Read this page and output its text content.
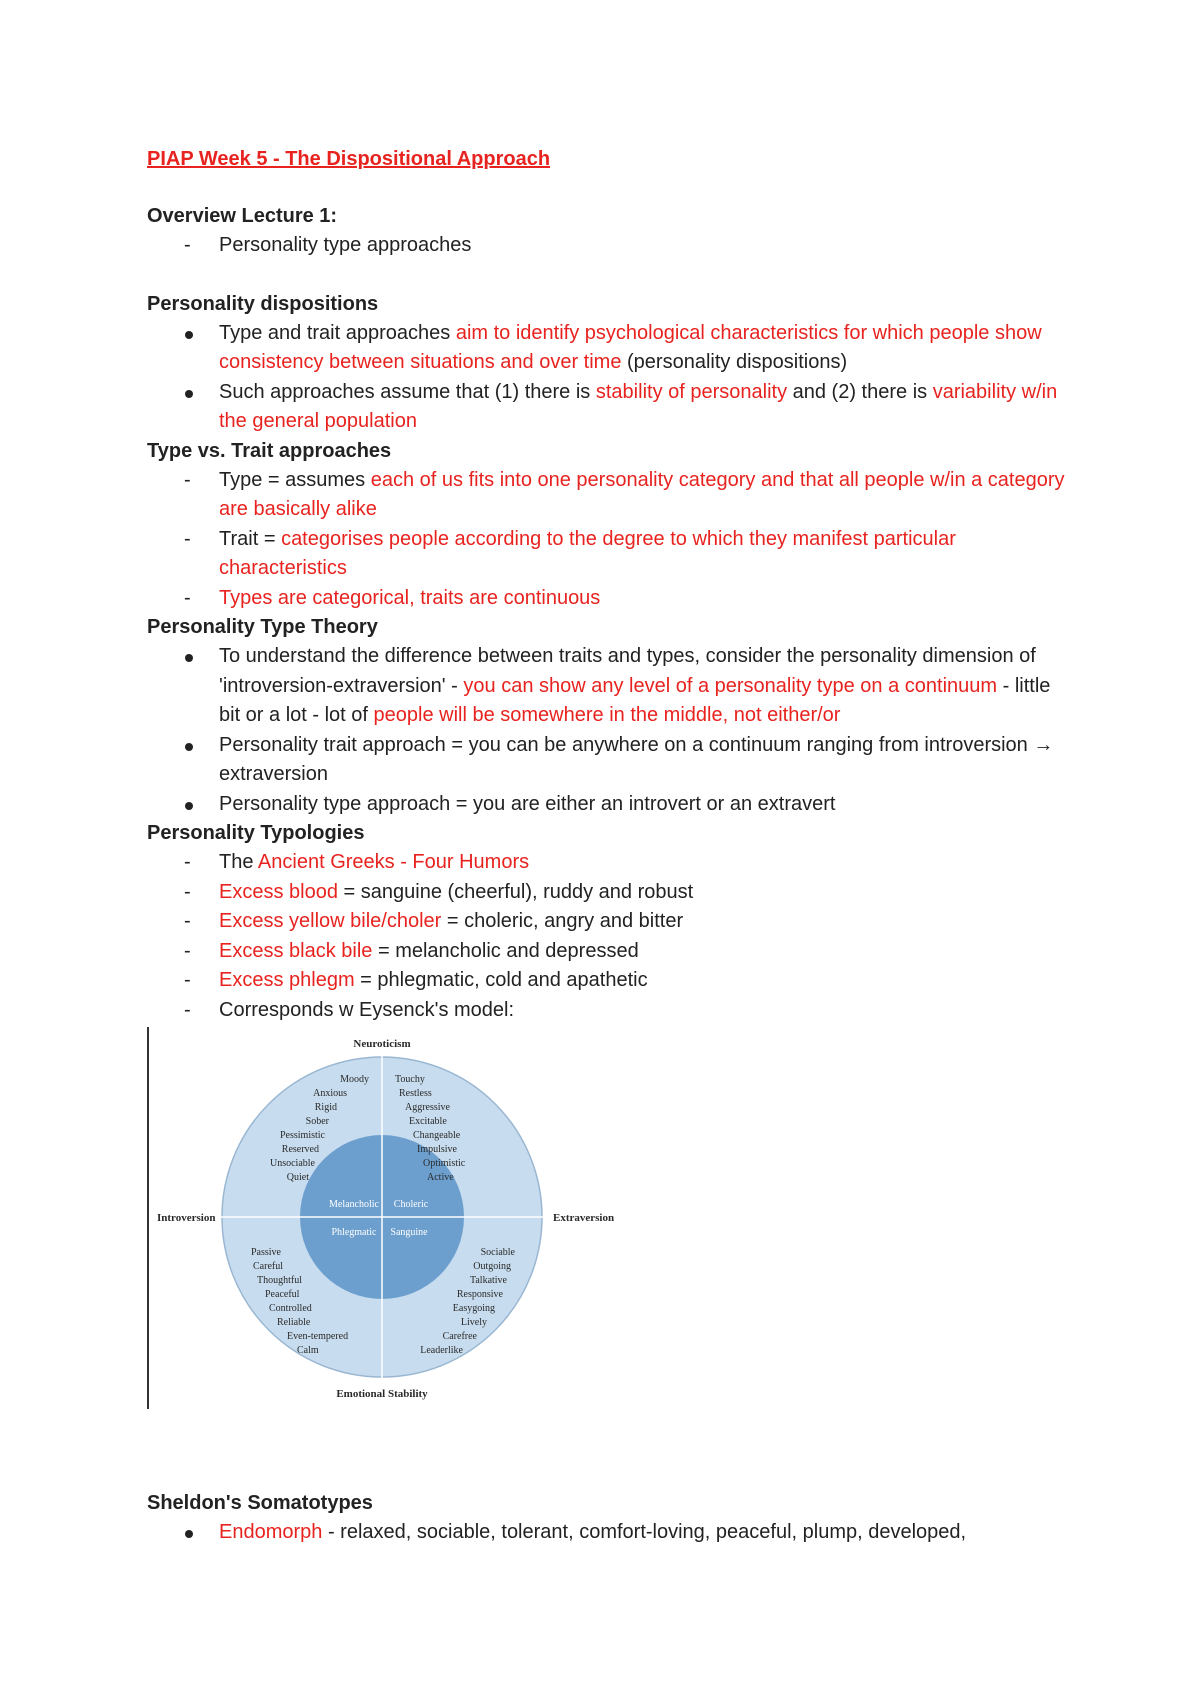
PIAP Week 5 - The Dispositional Approach

Overview Lecture 1:

- Personality type approaches

Personality dispositions

Type and trait approaches aim to identify psychological characteristics for which people show consistency between situations and over time (personality dispositions)
Such approaches assume that (1) there is stability of personality and (2) there is variability w/in the general population

Type vs. Trait approaches

- Type = assumes each of us fits into one personality category and that all people w/in a category are basically alike
- Trait = categorises people according to the degree to which they manifest particular characteristics
- Types are categorical, traits are continuous

Personality Type Theory

To understand the difference between traits and types, consider the personality dimension of 'introversion-extraversion' - you can show any level of a personality type on a continuum - little bit or a lot - lot of people will be somewhere in the middle, not either/or
Personality trait approach = you can be anywhere on a continuum ranging from introversion → extraversion
Personality type approach = you are either an introvert or an extravert

Personality Typologies

- The Ancient Greeks - Four Humors
- Excess blood = sanguine (cheerful), ruddy and robust
- Excess yellow bile/choler = choleric, angry and bitter
- Excess black bile = melancholic and depressed
- Excess phlegm = phlegmatic, cold and apathetic
- Corresponds w Eysenck's model:
Neuroticism
Emotional Stability
Introversion	Extraversion
Melancholic Choleric
Phlegmatic Sanguine
Moody
Anxious
Rigid
Sober
Pessimistic
Reserved
Unsociable
Quiet
Touchy
Restless
Aggressive
Excitable
Changeable
Impulsive
Optimistic
Active
Passive
Careful
Thoughtful
Peaceful
Controlled
Reliable
Even-tempered
Calm
Sociable
Outgoing
Talkative
Responsive
Easygoing
Lively
Carefree
Leaderlike

Sheldon's Somatotypes

Endomorph - relaxed, sociable, tolerant, comfort-loving, peaceful, plump, developed,
